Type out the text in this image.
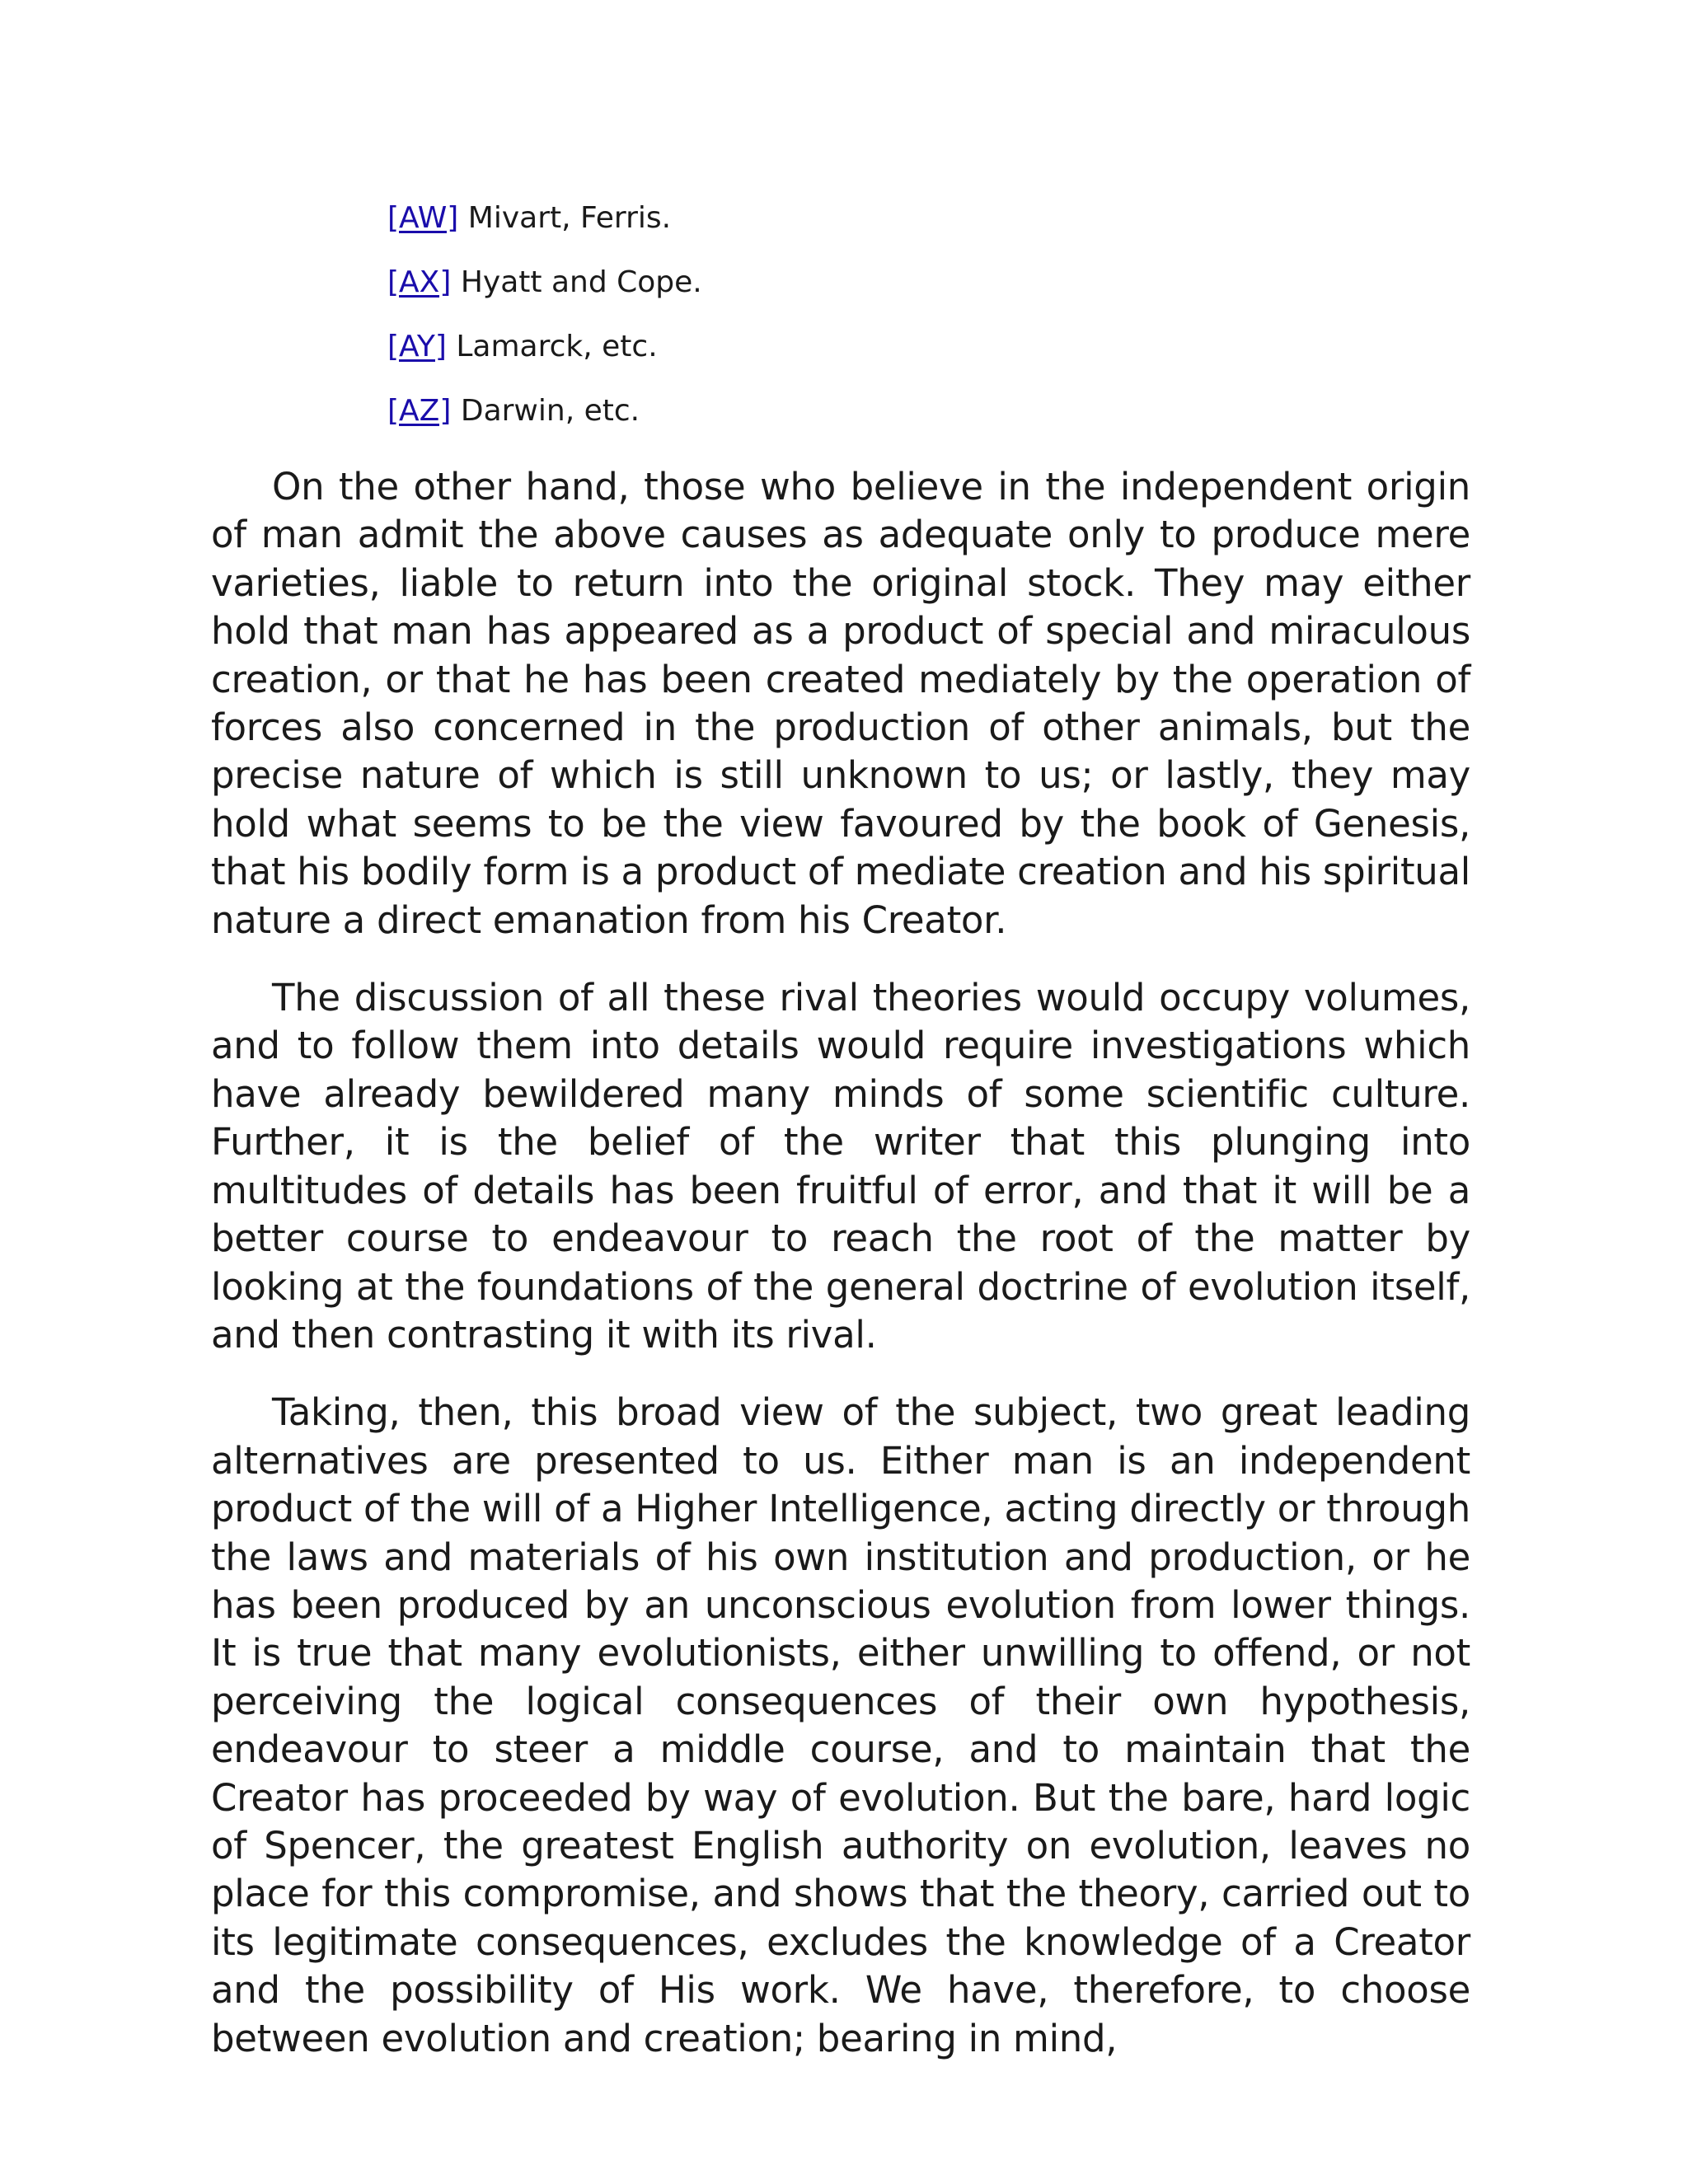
[AW] Mivart, Ferris.
[AX] Hyatt and Cope.
[AY] Lamarck, etc.
[AZ] Darwin, etc.

On the other hand, those who believe in the independent origin of man admit the above causes as adequate only to produce mere varieties, liable to return into the original stock. They may either hold that man has appeared as a product of special and miraculous creation, or that he has been created mediately by the operation of forces also concerned in the production of other animals, but the precise nature of which is still unknown to us; or lastly, they may hold what seems to be the view favoured by the book of Genesis, that his bodily form is a product of mediate creation and his spiritual nature a direct emanation from his Creator.

The discussion of all these rival theories would occupy volumes, and to follow them into details would require investigations which have already bewildered many minds of some scientific culture. Further, it is the belief of the writer that this plunging into multitudes of details has been fruitful of error, and that it will be a better course to endeavour to reach the root of the matter by looking at the foundations of the general doctrine of evolution itself, and then contrasting it with its rival.

Taking, then, this broad view of the subject, two great leading alternatives are presented to us. Either man is an independent product of the will of a Higher Intelligence, acting directly or through the laws and materials of his own institution and production, or he has been produced by an unconscious evolution from lower things. It is true that many evolutionists, either unwilling to offend, or not perceiving the logical consequences of their own hypothesis, endeavour to steer a middle course, and to maintain that the Creator has proceeded by way of evolution. But the bare, hard logic of Spencer, the greatest English authority on evolution, leaves no place for this compromise, and shows that the theory, carried out to its legitimate consequences, excludes the knowledge of a Creator and the possibility of His work. We have, therefore, to choose between evolution and creation; bearing in mind,
